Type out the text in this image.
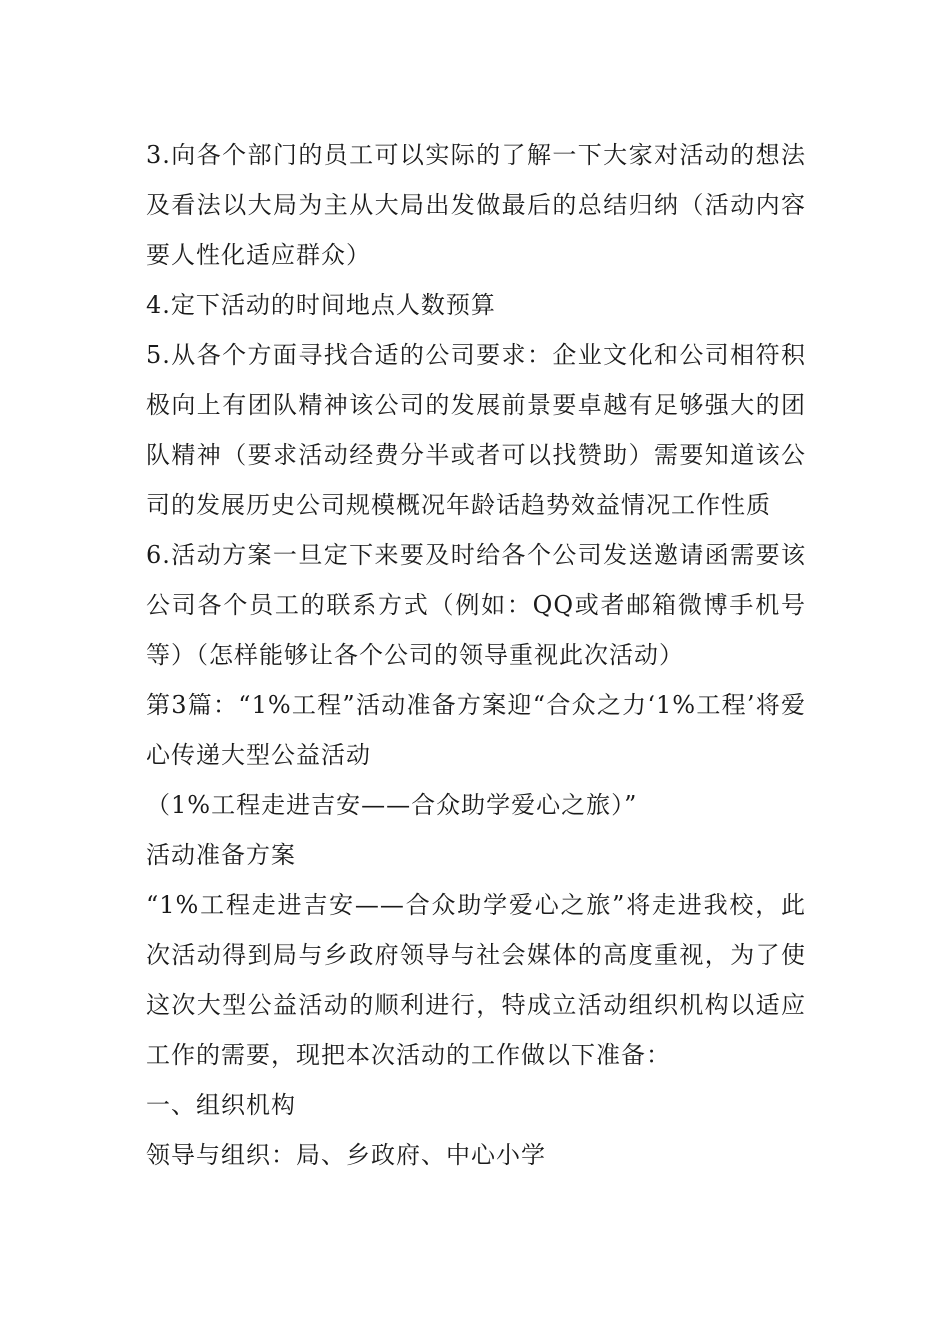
3.向各个部门的员工可以实际的了解一下大家对活动的想法及看法以大局为主从大局出发做最后的总结归纳（活动内容要人性化适应群众）

4.定下活动的时间地点人数预算

5.从各个方面寻找合适的公司要求：企业文化和公司相符积极向上有团队精神该公司的发展前景要卓越有足够强大的团队精神（要求活动经费分半或者可以找赞助）需要知道该公司的发展历史公司规模概况年龄话趋势效益情况工作性质

6.活动方案一旦定下来要及时给各个公司发送邀请函需要该公司各个员工的联系方式（例如：QQ或者邮箱微博手机号等）（怎样能够让各个公司的领导重视此次活动）

第3篇：“1%工程”活动准备方案迎“合众之力‘1%工程’将爱心传递大型公益活动

（1%工程走进吉安——合众助学爱心之旅）”

活动准备方案

“1%工程走进吉安——合众助学爱心之旅”将走进我校，此次活动得到局与乡政府领导与社会媒体的高度重视，为了使这次大型公益活动的顺利进行，特成立活动组织机构以适应工作的需要，现把本次活动的工作做以下准备：

一、组织机构

领导与组织：局、乡政府、中心小学
